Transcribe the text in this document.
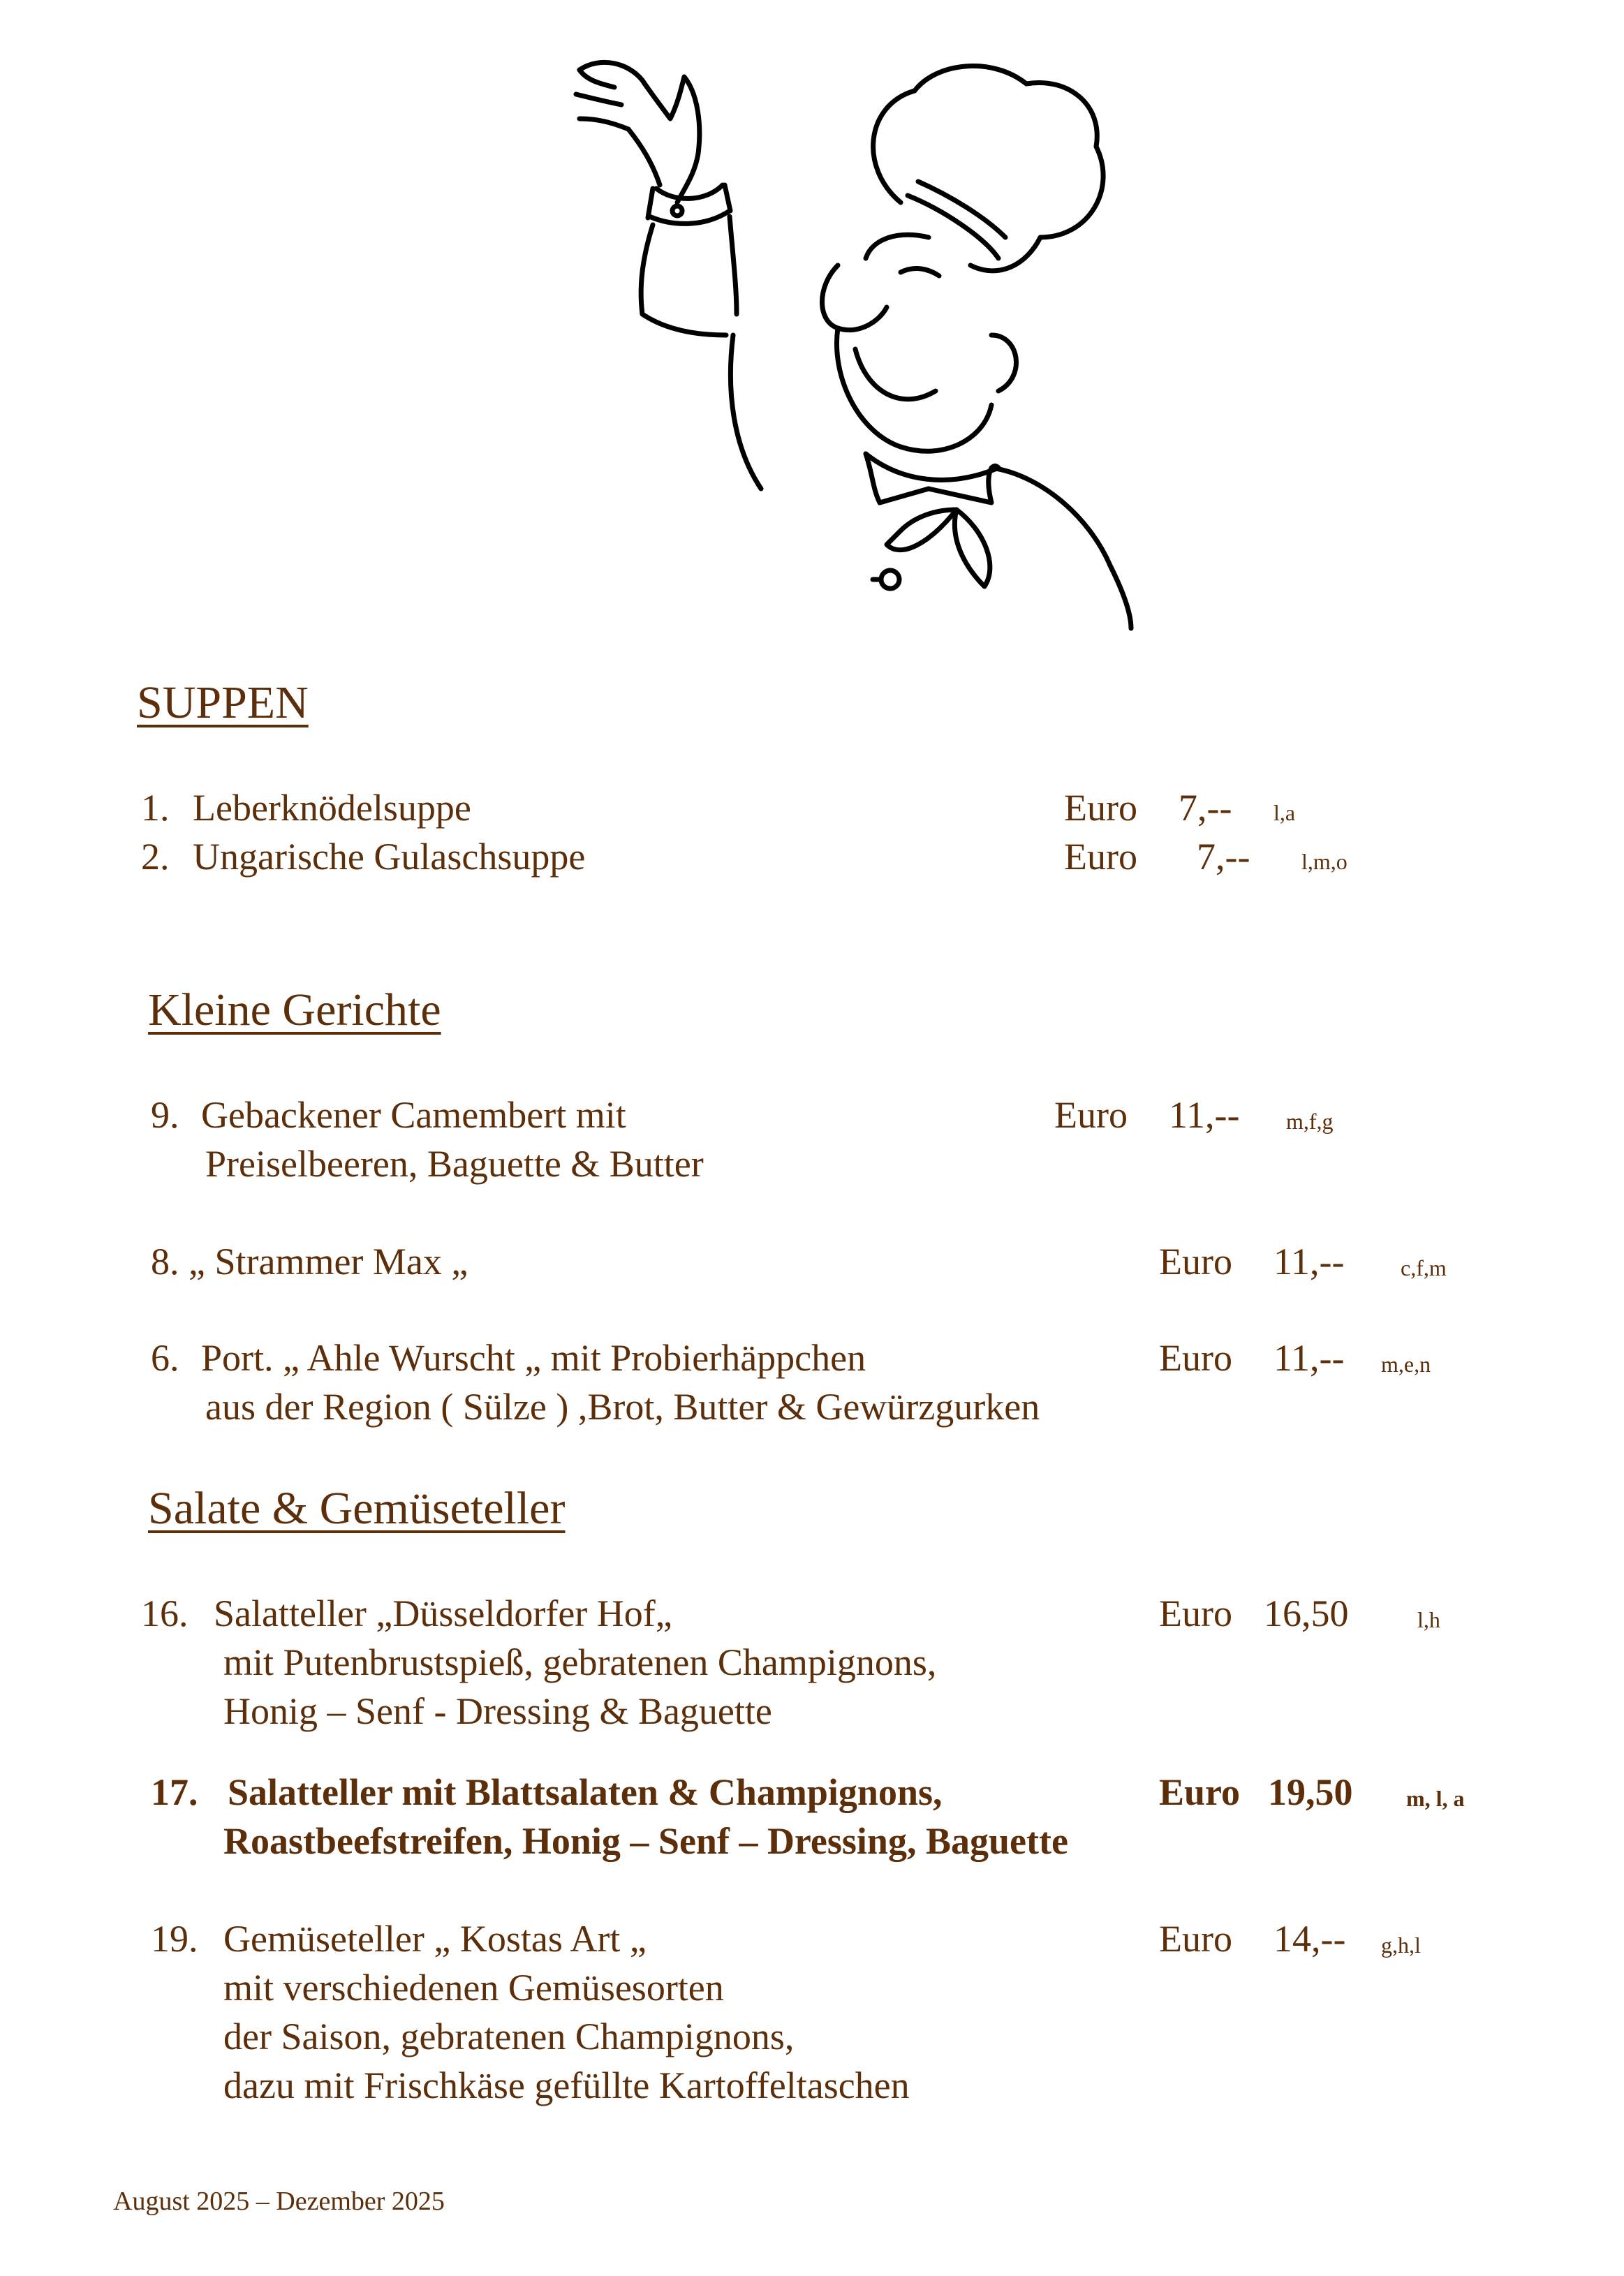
SUPPEN
1. Leberknödelsuppe	Euro 7,-- l,a
2. Ungarische Gulaschsuppe	Euro 7,-- l,m,o
Kleine Gerichte
9. Gebackener Camembert mit	Euro 11,-- m,f,g
Preiselbeeren, Baguette & Butter
8. „ Strammer Max „	Euro 11,--	c,f,m
6. Port. „ Ahle Wurscht „ mit Probierhäppchen	Euro 11,-- m,e,n
aus der Region ( Sülze ) ,Brot, Butter & Gewürzgurken
Salate & Gemüseteller
16. Salatteller „Düsseldorfer Hof„	Euro 16,50	l,h
mit Putenbrustspieß, gebratenen Champignons,
Honig – Senf - Dressing & Baguette
17. Salatteller mit Blattsalaten & Champignons,	Euro 19,50 m, l, a
Roastbeefstreifen, Honig – Senf – Dressing, Baguette
19. Gemüseteller „ Kostas Art „	Euro 14,-- g,h,l
mit verschiedenen Gemüsesorten
der Saison, gebratenen Champignons,
dazu mit Frischkäse gefüllte Kartoffeltaschen
August 2025 – Dezember 2025
